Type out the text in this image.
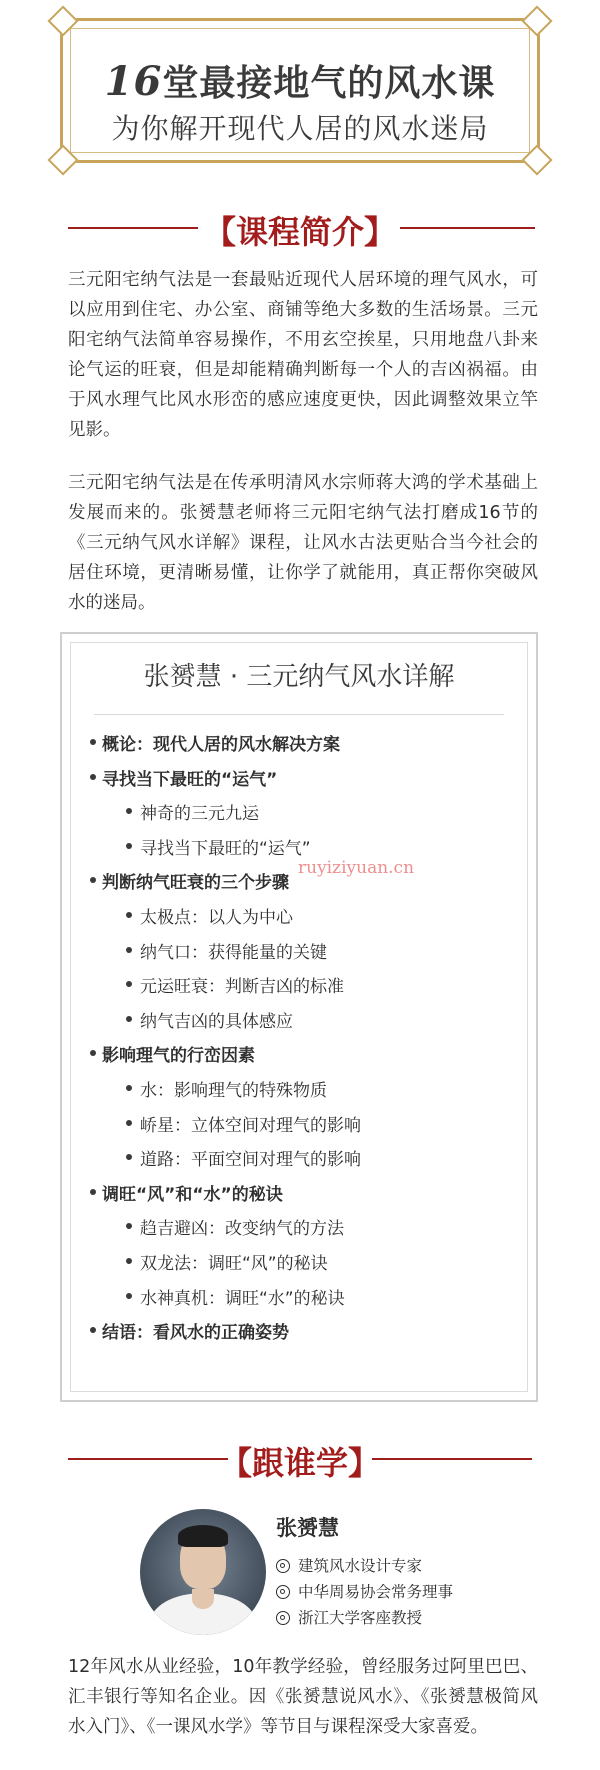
16堂最接地气的风水课
为你解开现代人居的风水迷局
【课程简介】
三元阳宅纳气法是一套最贴近现代人居环境的理气风水，可以应用到住宅、办公室、商铺等绝大多数的生活场景。三元阳宅纳气法简单容易操作，不用玄空挨星，只用地盘八卦来论气运的旺衰，但是却能精确判断每一个人的吉凶祸福。由于风水理气比风水形峦的感应速度更快，因此调整效果立竿见影。
三元阳宅纳气法是在传承明清风水宗师蒋大鸿的学术基础上发展而来的。张赟慧老师将三元阳宅纳气法打磨成16节的《三元纳气风水详解》课程，让风水古法更贴合当今社会的居住环境，更清晰易懂，让你学了就能用，真正帮你突破风水的迷局。
张赟慧 · 三元纳气风水详解
概论：现代人居的风水解决方案
寻找当下最旺的“运气”
神奇的三元九运
寻找当下最旺的“运气”
判断纳气旺衰的三个步骤
太极点：以人为中心
纳气口：获得能量的关键
元运旺衰：判断吉凶的标准
纳气吉凶的具体感应
影响理气的行峦因素
水：影响理气的特殊物质
峤星：立体空间对理气的影响
道路：平面空间对理气的影响
调旺“风”和“水”的秘诀
趋吉避凶：改变纳气的方法
双龙法：调旺“风”的秘诀
水神真机：调旺“水”的秘诀
结语：看风水的正确姿势
ruyiziyuan.cn
【跟谁学】
张赟慧
建筑风水设计专家
中华周易协会常务理事
浙江大学客座教授
12年风水从业经验，10年教学经验，曾经服务过阿里巴巴、汇丰银行等知名企业。因《张赟慧说风水》、《张赟慧极简风水入门》、《一课风水学》等节目与课程深受大家喜爱。
